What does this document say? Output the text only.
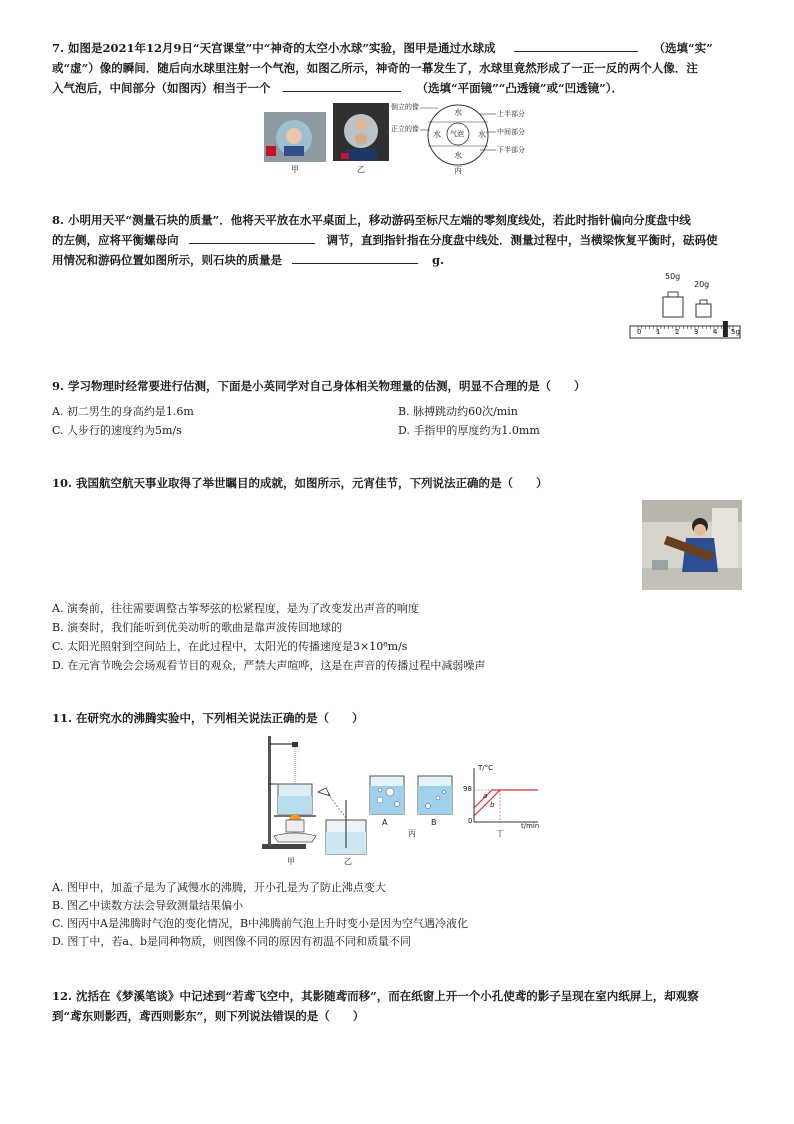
7. 如图是2021年12月9日“天宫课堂”中“神奇的太空小水球”实验，图甲是通过水球成	（选填“实”
或“虚”）像的瞬间．随后向水球里注射一个气泡，如图乙所示，神奇的一幕发生了，水球里竟然形成了一正一反的两个人像．注
入气泡后，中间部分（如图丙）相当于一个	（选填“平面镜”“凸透镜”或“凹透镜”）．
甲	乙
倒立的像
正立的像
水
水 气泡 水
水
上半部分
中间部分
下半部分
丙
8. 小明用天平“测量石块的质量”．他将天平放在水平桌面上，移动游码至标尺左端的零刻度线处，若此时指针偏向分度盘中线
的左侧，应将平衡螺母向	调节，直到指针指在分度盘中线处．测量过程中，当横梁恢复平衡时，砝码使
用情况和游码位置如图所示，则石块的质量是	g.
50g
20g
0 1 2 3 4 5g
9. 学习物理时经常要进行估测，下面是小英同学对自己身体相关物理量的估测，明显不合理的是（　　）
A. 初二男生的身高约是1.6m	B. 脉搏跳动约60次/min
C. 人步行的速度约为5m/s	D. 手指甲的厚度约为1.0mm
10. 我国航空航天事业取得了举世瞩目的成就，如图所示，元宵佳节，下列说法正确的是（　　）
A. 演奏前，往往需要调整古筝琴弦的松紧程度，是为了改变发出声音的响度
B. 演奏时，我们能听到优美动听的歌曲是靠声波传回地球的
C. 太阳光照射到空间站上，在此过程中，太阳光的传播速度是3×10⁸m/s
D. 在元宵节晚会会场观看节目的观众，严禁大声喧哗，这是在声音的传播过程中减弱噪声
11. 在研究水的沸腾实验中，下列相关说法正确的是（　　）
甲	乙
A	B
丙
T/°C
98
0
a
b
t/min
丁
A. 图甲中，加盖子是为了减慢水的沸腾，开小孔是为了防止沸点变大
B. 图乙中读数方法会导致测量结果偏小
C. 图丙中A是沸腾时气泡的变化情况，B中沸腾前气泡上升时变小是因为空气遇冷液化
D. 图丁中，若a、b是同种物质，则图像不同的原因有初温不同和质量不同
12. 沈括在《梦溪笔谈》中记述到“若鸢飞空中，其影随鸢而移”，而在纸窗上开一个小孔使鸢的影子呈现在室内纸屏上，却观察
到“鸢东则影西，鸢西则影东”，则下列说法错误的是（　　）
